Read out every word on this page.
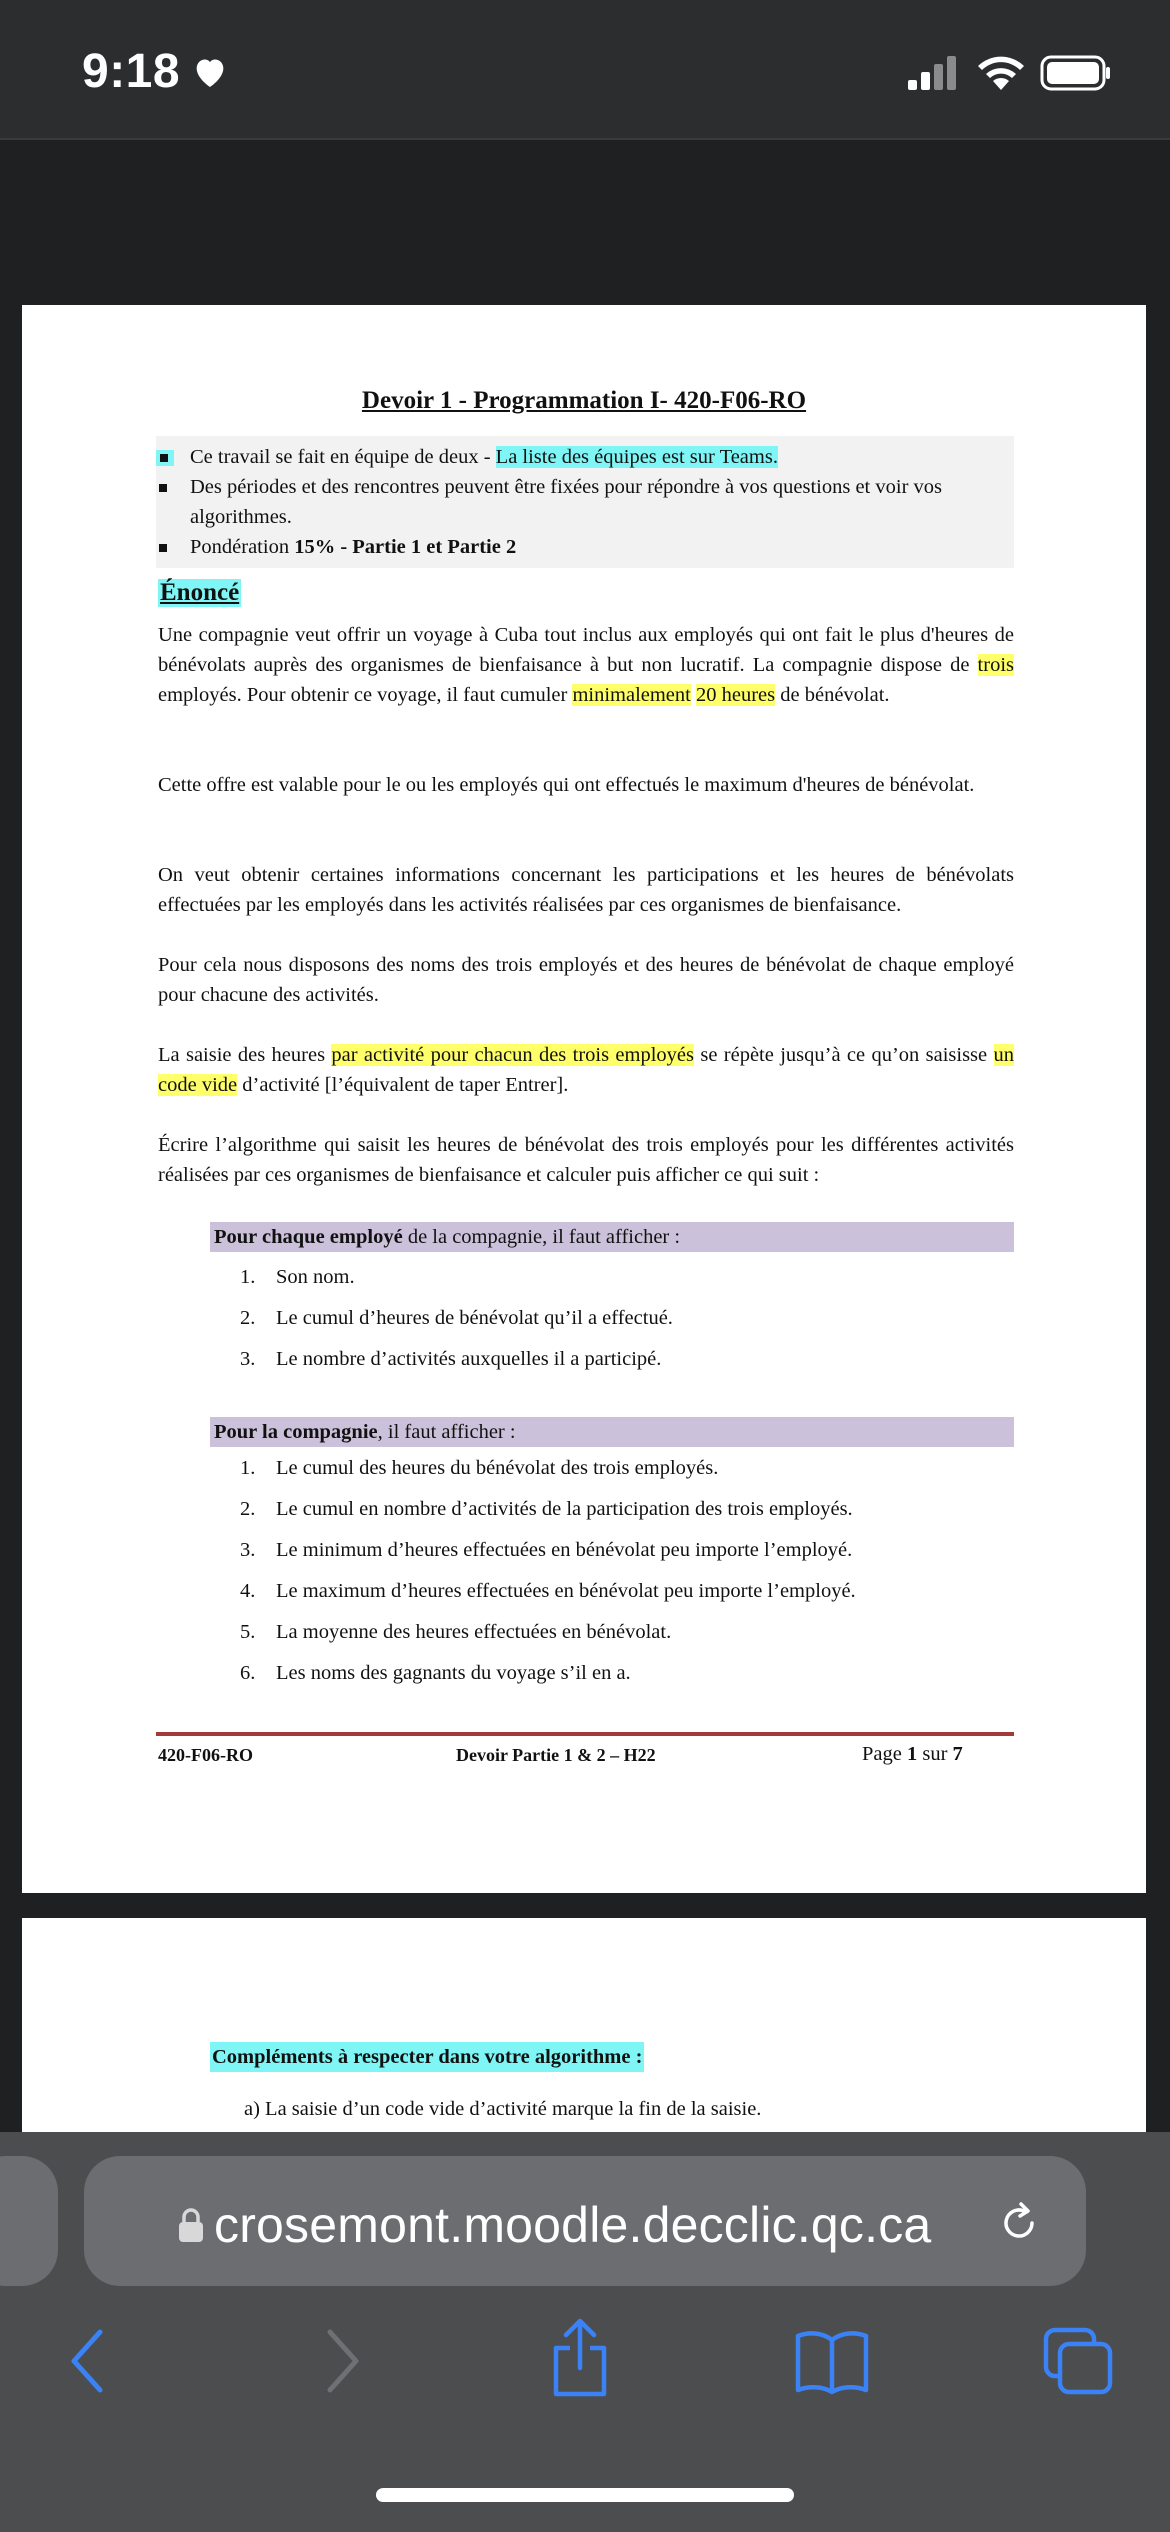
9:18
Devoir 1 - Programmation I- 420-F06-RO
Ce travail se fait en équipe de deux - La liste des équipes est sur Teams.
Des périodes et des rencontres peuvent être fixées pour répondre à vos questions et voir vos algorithmes.
Pondération 15% - Partie 1 et Partie 2
Énoncé
Une compagnie veut offrir un voyage à Cuba tout inclus aux employés qui ont fait le plus d'heures de bénévolats auprès des organismes de bienfaisance à but non lucratif. La compagnie dispose de trois employés. Pour obtenir ce voyage, il faut cumuler minimalement 20 heures de bénévolat.
Cette offre est valable pour le ou les employés qui ont effectués le maximum d'heures de bénévolat.
On veut obtenir certaines informations concernant les participations et les heures de bénévolats effectuées par les employés dans les activités réalisées par ces organismes de bienfaisance.
Pour cela nous disposons des noms des trois employés et des heures de bénévolat de chaque employé pour chacune des activités.
La saisie des heures par activité pour chacun des trois employés se répète jusqu’à ce qu’on saisisse un code vide d’activité [l’équivalent de taper Entrer].
Écrire l’algorithme qui saisit les heures de bénévolat des trois employés pour les différentes activités réalisées par ces organismes de bienfaisance et calculer puis afficher ce qui suit :
Pour chaque employé de la compagnie, il faut afficher :
1. Son nom.
2. Le cumul d’heures de bénévolat qu’il a effectué.
3. Le nombre d’activités auxquelles il a participé.
Pour la compagnie, il faut afficher :
1. Le cumul des heures du bénévolat des trois employés.
2. Le cumul en nombre d’activités de la participation des trois employés.
3. Le minimum d’heures effectuées en bénévolat peu importe l’employé.
4. Le maximum d’heures effectuées en bénévolat peu importe l’employé.
5. La moyenne des heures effectuées en bénévolat.
6. Les noms des gagnants du voyage s’il en a.
420-F06-RO	Devoir Partie 1 & 2 – H22	Page 1 sur 7
Compléments à respecter dans votre algorithme :
a) La saisie d’un code vide d’activité marque la fin de la saisie.
crosemont.moodle.decclic.qc.ca
